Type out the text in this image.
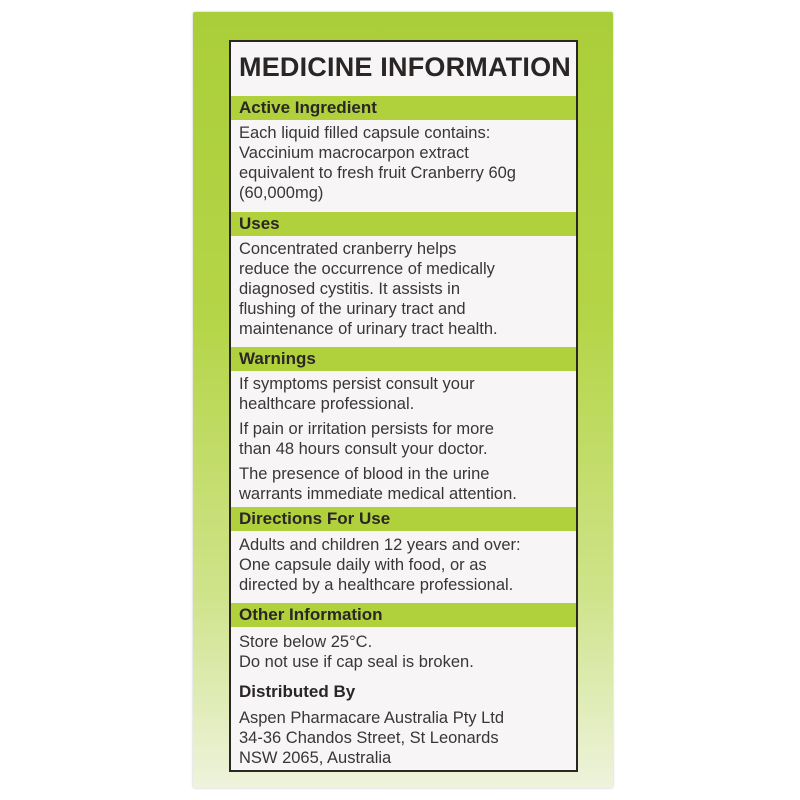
MEDICINE INFORMATION
Active Ingredient
Each liquid filled capsule contains:
Vaccinium macrocarpon extract
equivalent to fresh fruit Cranberry 60g
(60,000mg)
Uses
Concentrated cranberry helps
reduce the occurrence of medically
diagnosed cystitis. It assists in
flushing of the urinary tract and
maintenance of urinary tract health.
Warnings
If symptoms persist consult your
healthcare professional.
If pain or irritation persists for more
than 48 hours consult your doctor.
The presence of blood in the urine
warrants immediate medical attention.
Directions For Use
Adults and children 12 years and over:
One capsule daily with food, or as
directed by a healthcare professional.
Other Information
Store below 25°C.
Do not use if cap seal is broken.
Distributed By
Aspen Pharmacare Australia Pty Ltd
34-36 Chandos Street, St Leonards
NSW 2065, Australia
